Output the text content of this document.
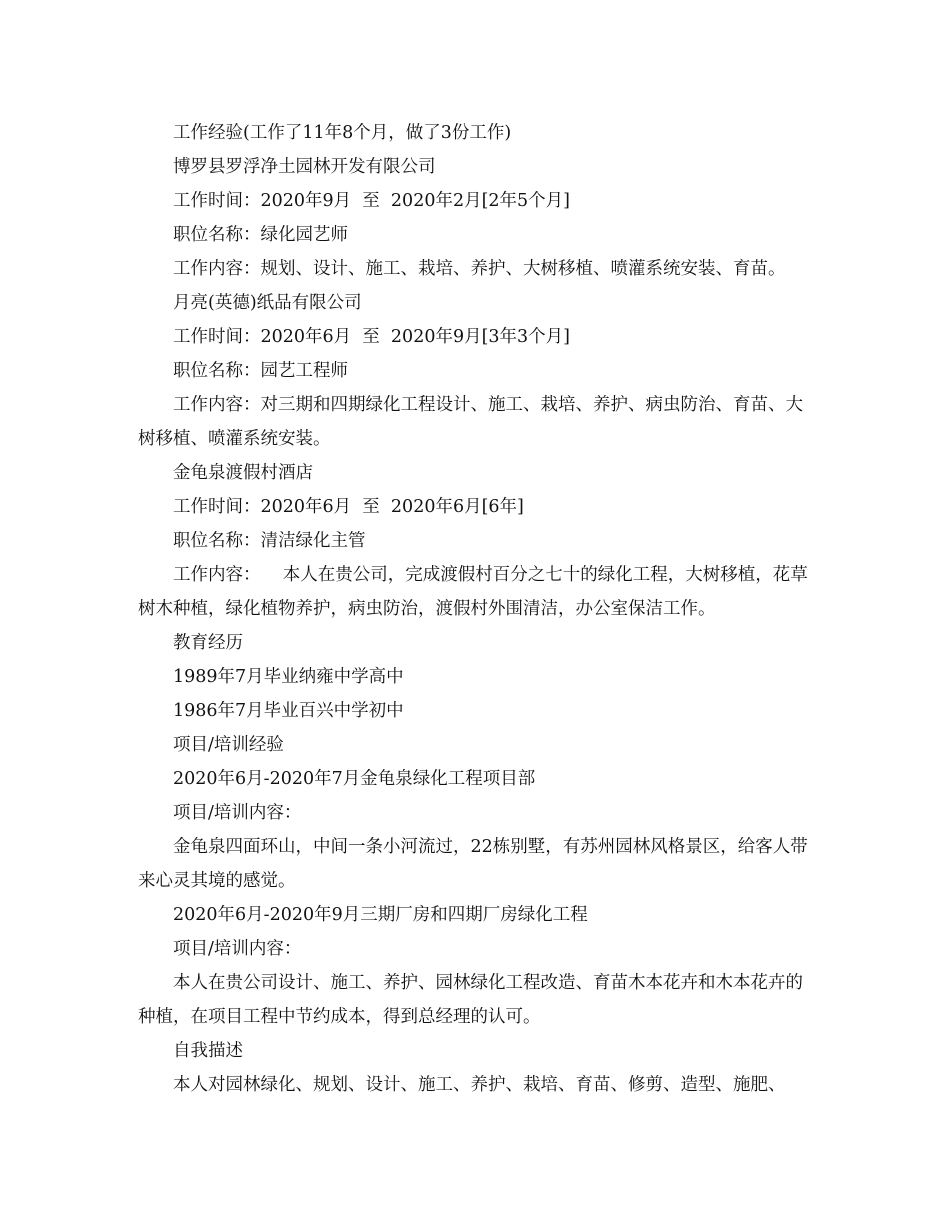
工作经验(工作了11年8个月，做了3份工作)

博罗县罗浮净土园林开发有限公司

工作时间：2020年9月  至  2020年2月[2年5个月]

职位名称：绿化园艺师

工作内容：规划、设计、施工、栽培、养护、大树移植、喷灌系统安装、育苗。

月亮(英德)纸品有限公司

工作时间：2020年6月  至  2020年9月[3年3个月]

职位名称：园艺工程师

工作内容：对三期和四期绿化工程设计、施工、栽培、养护、病虫防治、育苗、大树移植、喷灌系统安装。

金龟泉渡假村酒店

工作时间：2020年6月  至  2020年6月[6年]

职位名称：清洁绿化主管

工作内容：    本人在贵公司，完成渡假村百分之七十的绿化工程，大树移植，花草树木种植，绿化植物养护，病虫防治，渡假村外围清洁，办公室保洁工作。

教育经历

1989年7月毕业纳雍中学高中

1986年7月毕业百兴中学初中

项目/培训经验

2020年6月-2020年7月金龟泉绿化工程项目部

项目/培训内容：

金龟泉四面环山，中间一条小河流过，22栋别墅，有苏州园林风格景区，给客人带来心灵其境的感觉。

2020年6月-2020年9月三期厂房和四期厂房绿化工程

项目/培训内容：

本人在贵公司设计、施工、养护、园林绿化工程改造、育苗木本花卉和木本花卉的种植，在项目工程中节约成本，得到总经理的认可。

自我描述

本人对园林绿化、规划、设计、施工、养护、栽培、育苗、修剪、造型、施肥、
